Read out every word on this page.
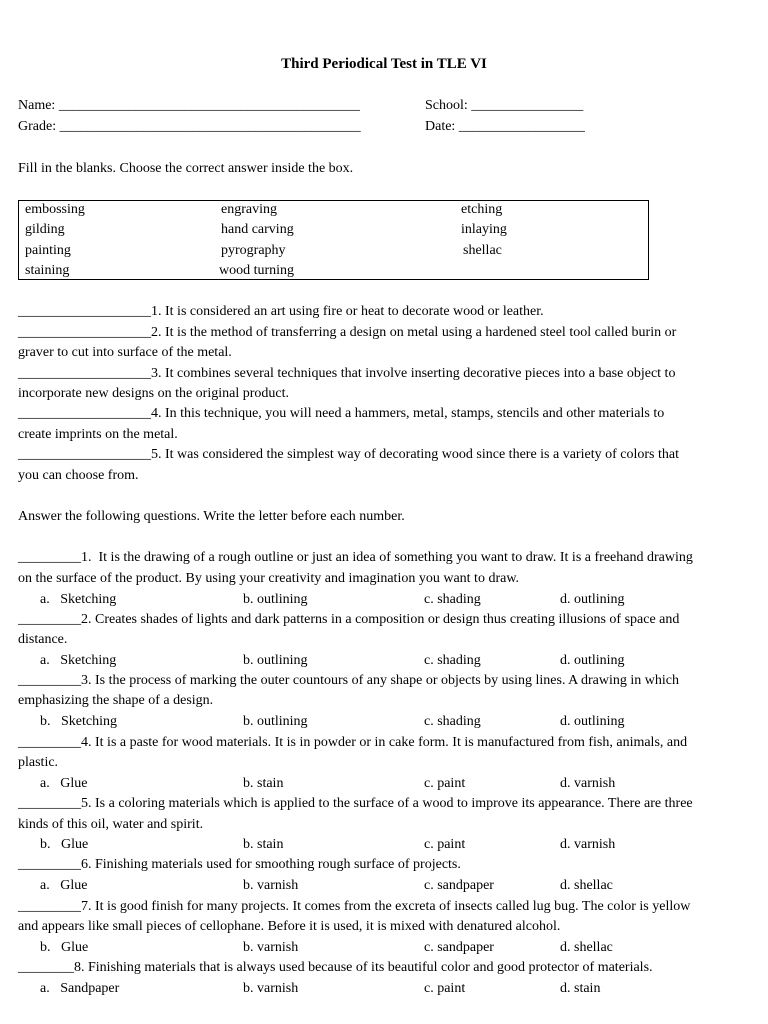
Third Periodical Test in TLE VI
Name: ___________________________________________	School: ________________
Grade: ___________________________________________	Date: __________________
Fill in the blanks. Choose the correct answer inside the box.
embossing	engraving	etching
gilding	hand carving	inlaying
painting	pyrography	shellac
staining	wood turning
___________________1. It is considered an art using fire or heat to decorate wood or leather.
___________________2. It is the method of transferring a design on metal using a hardened steel tool called burin or
graver to cut into surface of the metal.
___________________3. It combines several techniques that involve inserting decorative pieces into a base object to
incorporate new designs on the original product.
___________________4. In this technique, you will need a hammers, metal, stamps, stencils and other materials to
create imprints on the metal.
___________________5. It was considered the simplest way of decorating wood since there is a variety of colors that
you can choose from.
Answer the following questions. Write the letter before each number.
_________1.  It is the drawing of a rough outline or just an idea of something you want to draw. It is a freehand drawing
on the surface of the product. By using your creativity and imagination you want to draw.
a.   Sketching	b. outlining	c. shading	d. outlining
_________2. Creates shades of lights and dark patterns in a composition or design thus creating illusions of space and
distance.
a.   Sketching	b. outlining	c. shading	d. outlining
_________3. Is the process of marking the outer countours of any shape or objects by using lines. A drawing in which
emphasizing the shape of a design.
b.   Sketching	b. outlining	c. shading	d. outlining
_________4. It is a paste for wood materials. It is in powder or in cake form. It is manufactured from fish, animals, and
plastic.
a.   Glue	b. stain	c. paint	d. varnish
_________5. Is a coloring materials which is applied to the surface of a wood to improve its appearance. There are three
kinds of this oil, water and spirit.
b.   Glue	b. stain	c. paint	d. varnish
_________6. Finishing materials used for smoothing rough surface of projects.
a.   Glue	b. varnish	c. sandpaper	d. shellac
_________7. It is good finish for many projects. It comes from the excreta of insects called lug bug. The color is yellow
and appears like small pieces of cellophane. Before it is used, it is mixed with denatured alcohol.
b.   Glue	b. varnish	c. sandpaper	d. shellac
________8. Finishing materials that is always used because of its beautiful color and good protector of materials.
a.   Sandpaper	b. varnish	c. paint	d. stain
